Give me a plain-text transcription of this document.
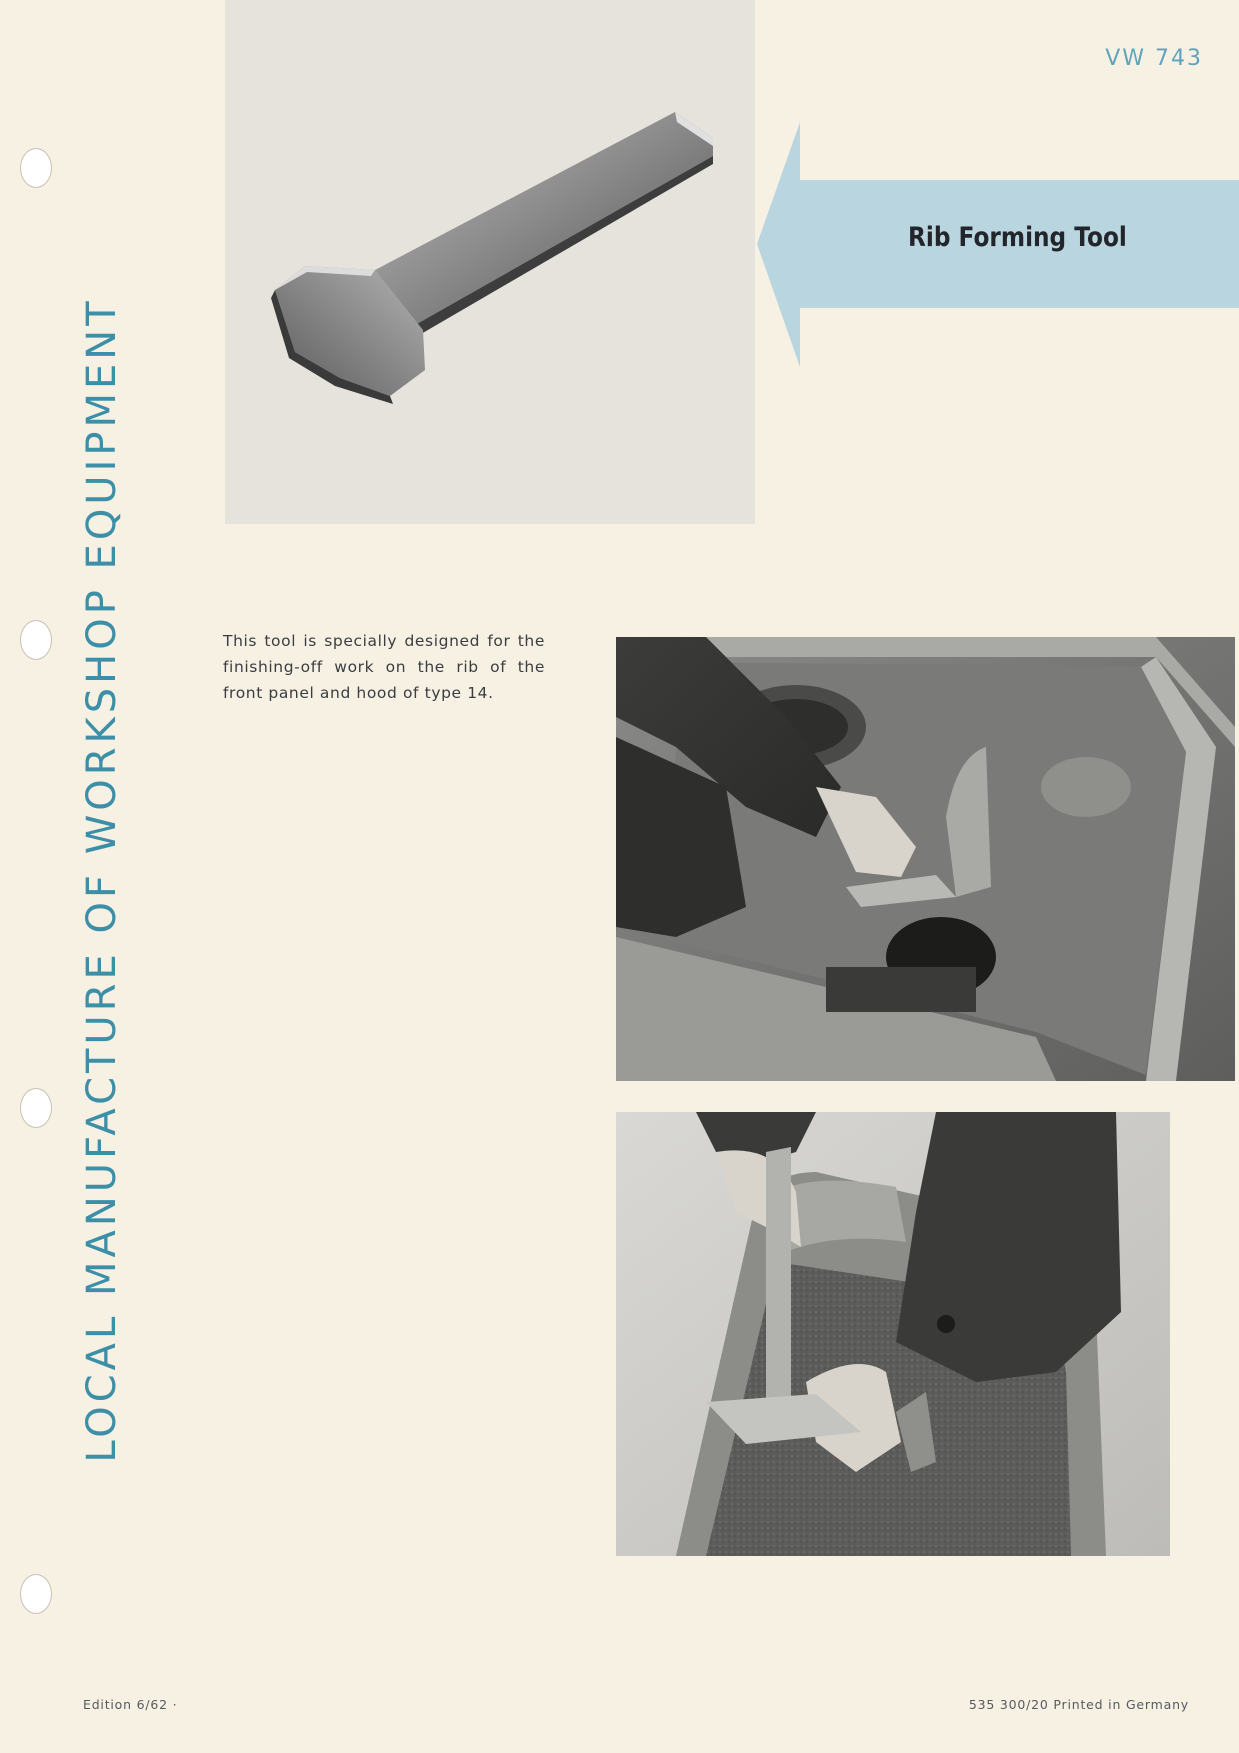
LOCAL MANUFACTURE OF WORKSHOP EQUIPMENT
VW 743
Rib Forming Tool

This tool is specially designed for the finishing-off work on the rib of the front panel and hood of type 14.

Edition 6/62 ·	535 300/20 Printed in Germany
